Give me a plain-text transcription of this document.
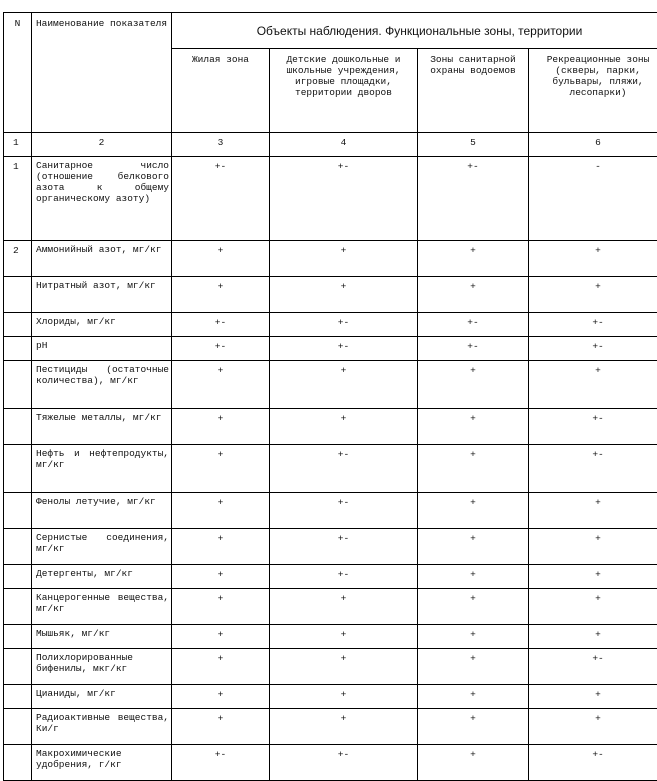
N	Наименование показателя	Объекты наблюдения. Функциональные зоны, территории			
		Жилая зона	Детские дошкольные и школьные учреждения, игровые площадки, территории дворов	Зоны санитарной охраны водоемов	Рекреационные зоны (скверы, парки, бульвары, пляжи, лесопарки)
1	2	3	4	5	6
1	Санитарное число (отношение белкового азота к общему органическому азоту)	+-	+-	+-	-
2	Аммонийный азот, мг/кг	+	+	+	+
	Нитратный азот, мг/кг	+	+	+	+
	Хлориды, мг/кг	+-	+-	+-	+-
	pH	+-	+-	+-	+-
	Пестициды (остаточные количества), мг/кг	+	+	+	+
	Тяжелые металлы, мг/кг	+	+	+	+-
	Нефть и нефтепродукты, мг/кг	+	+-	+	+-
	Фенолы летучие, мг/кг	+	+-	+	+
	Сернистые соединения, мг/кг	+	+-	+	+
	Детергенты, мг/кг	+	+-	+	+
	Канцерогенные вещества, мг/кг	+	+	+	+
	Мышьяк, мг/кг	+	+	+	+
	Полихлорированные бифенилы, мкг/кг	+	+	+	+-
	Цианиды, мг/кг	+	+	+	+
	Радиоактивные вещества, Ки/г	+	+	+	+
	Макрохимические удобрения, г/кг	+-	+-	+	+-
